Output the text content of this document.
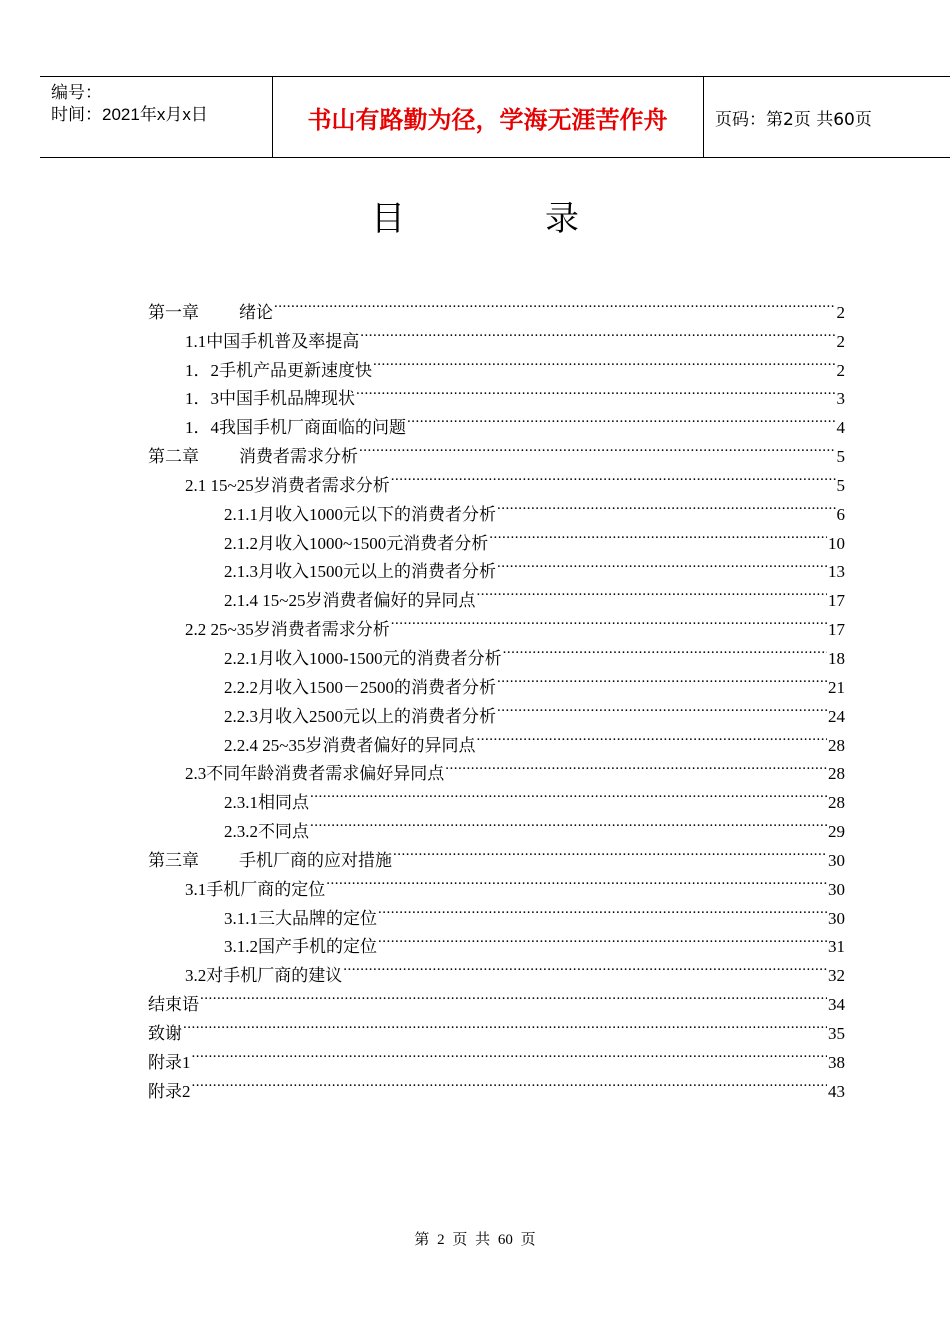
编号：
时间：2021年x月x日	书山有路勤为径，学海无涯苦作舟	页码：第2页 共60页
目录
第一章 绪论 .....	2
1.1中国手机普及率提高 .....	2
1．2手机产品更新速度快 .....	2
1．3中国手机品牌现状 .....	3
1．4我国手机厂商面临的问题 .....	4
第二章 消费者需求分析 .....	5
2.1 15~25岁消费者需求分析 .....	5
2.1.1月收入1000元以下的消费者分析 .....	6
2.1.2月收入1000~1500元消费者分析 .....	10
2.1.3月收入1500元以上的消费者分析 .....	13
2.1.4 15~25岁消费者偏好的异同点 .....	17
2.2 25~35岁消费者需求分析 .....	17
2.2.1月收入1000-1500元的消费者分析 .....	18
2.2.2月收入1500－2500的消费者分析 .....	21
2.2.3月收入2500元以上的消费者分析 .....	24
2.2.4 25~35岁消费者偏好的异同点 .....	28
2.3不同年龄消费者需求偏好异同点 .....	28
2.3.1相同点 .....	28
2.3.2不同点 .....	29
第三章 手机厂商的应对措施 .....	30
3.1手机厂商的定位 .....	30
3.1.1三大品牌的定位 .....	30
3.1.2国产手机的定位 .....	31
3.2对手机厂商的建议 .....	32
结束语 .....	34
致谢 .....	35
附录1 .....	38
附录2 .....	43
第 2 页 共 60 页
